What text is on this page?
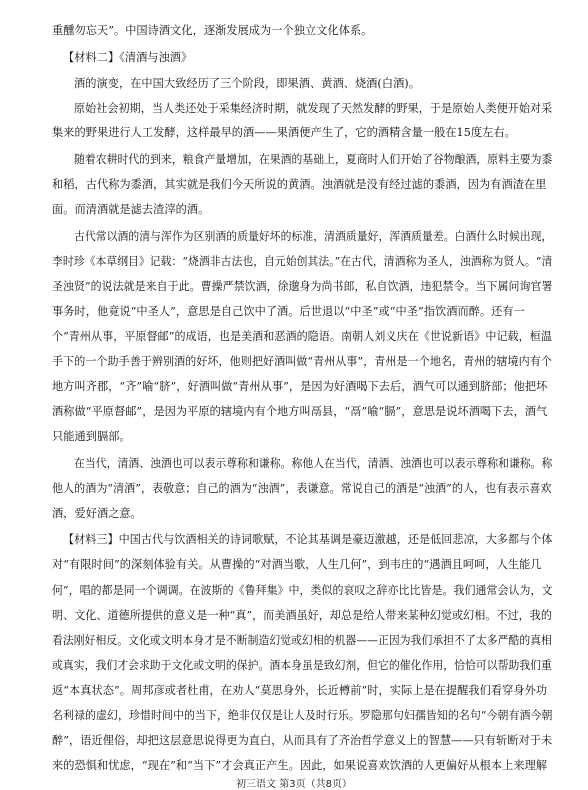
重醺勿忘天”。中国诗酒文化，逐渐发展成为一个独立文化体系。
【材料二】《清酒与浊酒》
酒的演变，在中国大致经历了三个阶段，即果酒、黄酒、烧酒(白酒)。
原始社会初期，当人类还处于采集经济时期，就发现了天然发酵的野果，于是原始人类便开始对采
集来的野果进行人工发酵，这样最早的酒——果酒便产生了，它的酒精含量一般在15度左右。
随着农耕时代的到来，粮食产量增加，在果酒的基础上，夏商时人们开始了谷物酿酒，原料主要为黍
和稻，古代称为黍酒，其实就是我们今天所说的黄酒。浊酒就是没有经过滤的黍酒，因为有酒渣在里
面。而清酒就是滤去渣滓的酒。
古代常以酒的清与浑作为区别酒的质量好坏的标准，清酒质量好，浑酒质量差。白酒什么时候出现，
李时珍《本草纲目》记载：“烧酒非古法也，自元始创其法。”在古代，清酒称为圣人，浊酒称为贤人。“清
圣浊贤”的说法就是来自于此。曹操严禁饮酒，徐邈身为尚书郎，私自饮酒，违犯禁令。当下属问询官署
事务时，他竟说“中圣人”，意思是自己饮中了酒。后世退以“中圣”或“中圣”指饮酒而醉。还有一
个“青州从事，平原督邮”的成语，也是美酒和恶酒的隐语。南朝人刘义庆在《世说新语》中记载，桓温
手下的一个助手善于辨别酒的好坏，他则把好酒叫做“青州从事”，青州是一个地名，青州的辖境内有个
地方叫齐郡，“齐”喻“脐”，好酒叫做“青州从事”，是因为好酒喝下去后，酒气可以通到脐部；他把坏
酒称做“平原督邮”，是因为平原的辖境内有个地方叫鬲县，“鬲”喻“膈”，意思是说坏酒喝下去，酒气
只能通到膈部。
在当代，清酒、浊酒也可以表示尊称和谦称。称他人在当代，清酒、浊酒也可以表示尊称和谦称。称
他人的酒为“清酒”，表敬意；自己的酒为“浊酒”，表谦意。常说自己的酒是“浊酒”的人，也有表示喜欢
酒，爱好酒之意。
【材料三】中国古代与饮酒相关的诗词歌赋，不论其基调是豪迈激越，还是低回悲凉，大多都与个体
对“有限时间”的深刻体验有关。从曹操的“对酒当歌，人生几何”，到韦庄的“遇酒且呵呵，人生能几
何”，唱的都是同一个调调。在波斯的《鲁拜集》中，类似的哀叹之辞亦比比皆是。我们通常会认为，文
明、文化、道德所提供的意义是一种“真”，而美酒虽好，却总是给人带来某种幻觉或幻相。不过，我的
看法刚好相反。文化或文明本身才是不断制造幻觉或幻相的机器——正因为我们承担不了太多严酷的真相
或真实，我们才会求助于文化或文明的保护。酒本身虽是致幻剂，但它的催化作用，恰恰可以帮助我们重
返“本真状态”。周邦彦或者杜甫，在劝人“莫思身外，长近樽前”时，实际上是在提醒我们看穿身外功
名利禄的虚幻，珍惜时间中的当下，绝非仅仅是让人及时行乐。罗隐那句妇孺皆知的名句“今朝有酒今朝
醉”，语近俚俗，却把这层意思说得更为直白，从而具有了齐治哲学意义上的智慧——只有斩断对于未
来的恐惧和忧虑，“现在”和“当下”才会真正产生。因此，如果说喜欢饮酒的人更偏好从根本上来理解
初三语文 第3页（共8页）
